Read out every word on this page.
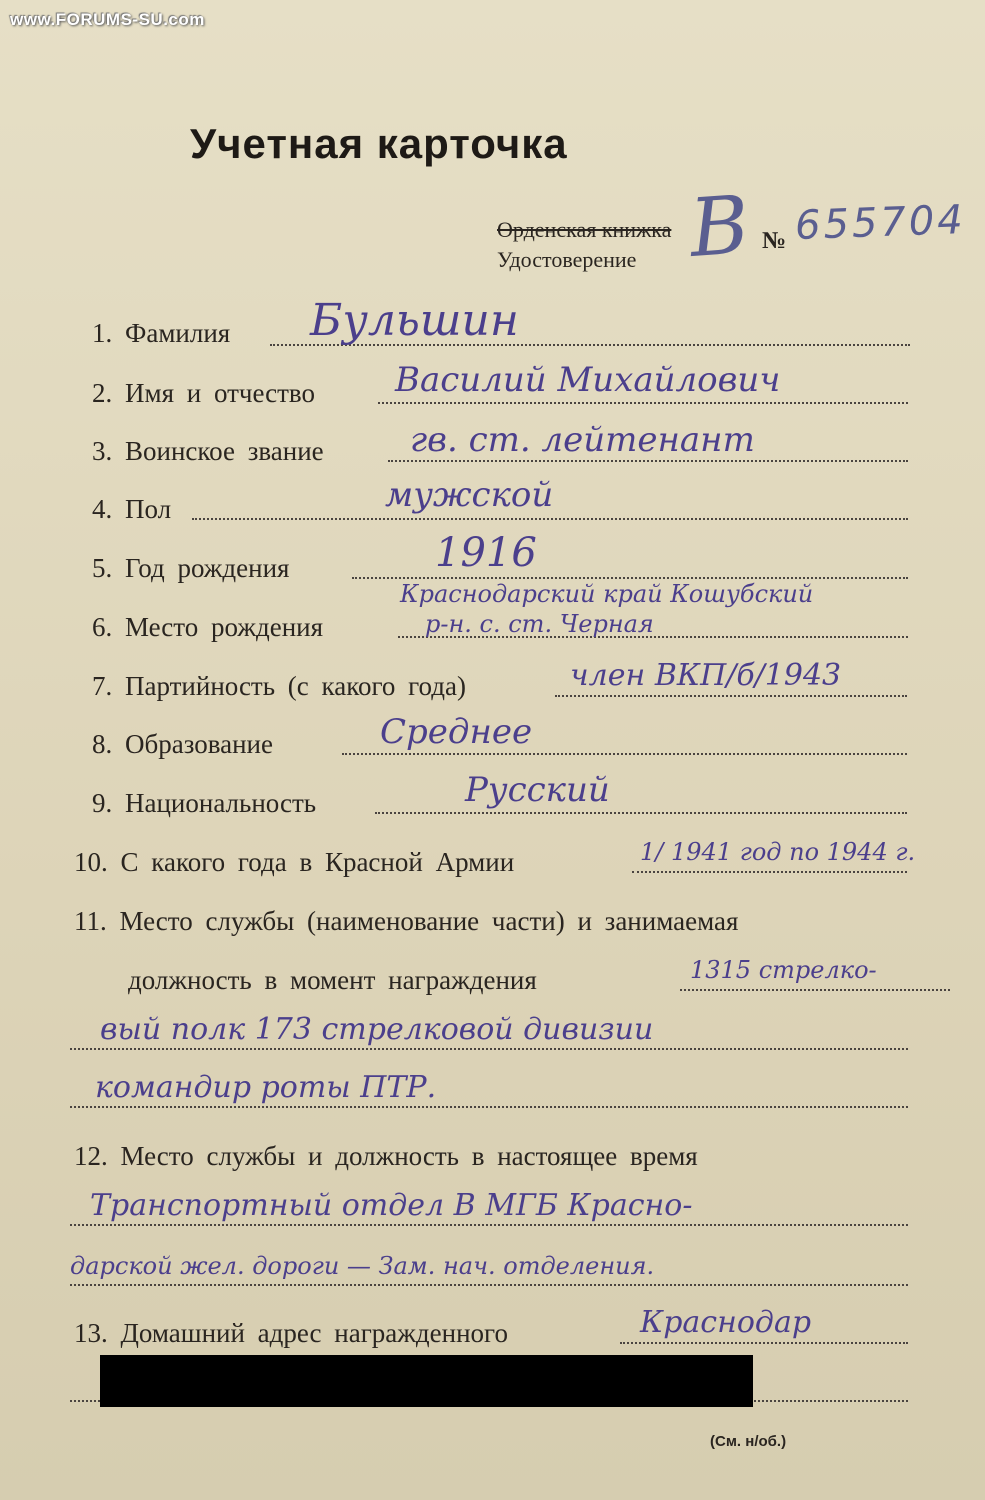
www.FORUMS-SU.com
Учетная карточка
Орденская книжка
Удостоверение В № 655704
1. Фамилия Бульшин
2. Имя и отчество Василий Михайлович
3. Воинское звание	гв. ст. лейтенант
4. Пол	мужской
5. Год рождения	1916
6. Место рождения
Краснодарский край Кошубский
р-н. с. ст. Черная
7. Партийность (с какого года)	член ВКП/б/1943
8. Образование	Среднее
9. Национальность	Русский
10. С какого года в Красной Армии	1/ 1941 год по 1944 г.
11. Место службы (наименование части) и занимаемая
должность в момент награждения	1315 стрелко-
вый полк 173 стрелковой дивизии
командир роты ПТР.
12. Место службы и должность в настоящее время
Транспортный отдел В МГБ Красно-
дарской жел. дороги — Зам. нач. отделения.
13. Домашний адрес награжденного	Краснодар
(См. н/об.)
